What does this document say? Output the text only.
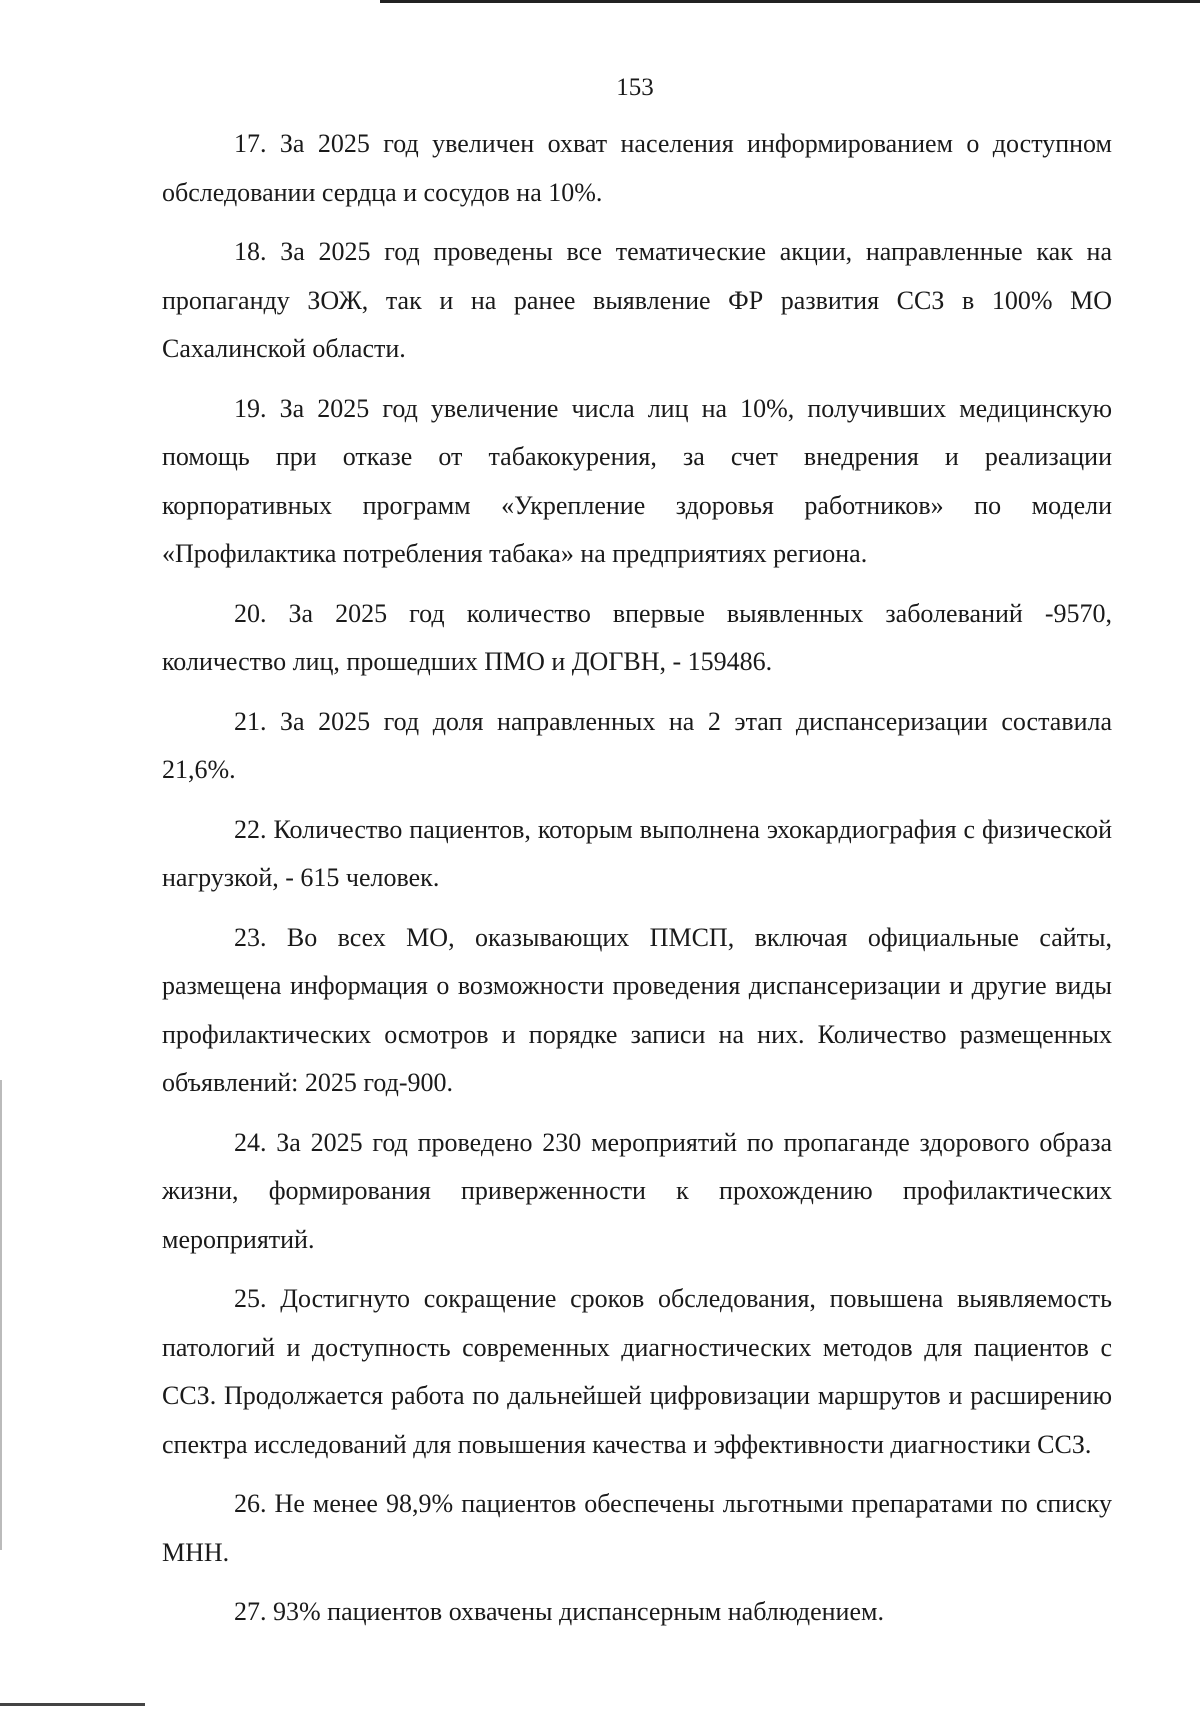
153

17. За 2025 год увеличен охват населения информированием о доступном обследовании сердца и сосудов на 10%.

18. За 2025 год проведены все тематические акции, направленные как на пропаганду ЗОЖ, так и на ранее выявление ФР развития ССЗ в 100% МО Сахалинской области.

19. За 2025 год увеличение числа лиц на 10%, получивших медицинскую помощь при отказе от табакокурения, за счет внедрения и реализации корпоративных программ «Укрепление здоровья работников» по модели «Профилактика потребления табака» на предприятиях региона.

20. За 2025 год количество впервые выявленных заболеваний -9570, количество лиц, прошедших ПМО и ДОГВН, - 159486.

21. За 2025 год доля направленных на 2 этап диспансеризации составила 21,6%.

22. Количество пациентов, которым выполнена эхокардиография с физической нагрузкой, - 615 человек.

23. Во всех МО, оказывающих ПМСП, включая официальные сайты, размещена информация о возможности проведения диспансеризации и другие виды профилактических осмотров и порядке записи на них. Количество размещенных объявлений: 2025 год-900.

24. За 2025 год проведено 230 мероприятий по пропаганде здорового образа жизни, формирования приверженности к прохождению профилактических мероприятий.

25. Достигнуто сокращение сроков обследования, повышена выявляемость патологий и доступность современных диагностических методов для пациентов с ССЗ. Продолжается работа по дальнейшей цифровизации маршрутов и расширению спектра исследований для повышения качества и эффективности диагностики ССЗ.

26. Не менее 98,9% пациентов обеспечены льготными препаратами по списку МНН.

27. 93% пациентов охвачены диспансерным наблюдением.
